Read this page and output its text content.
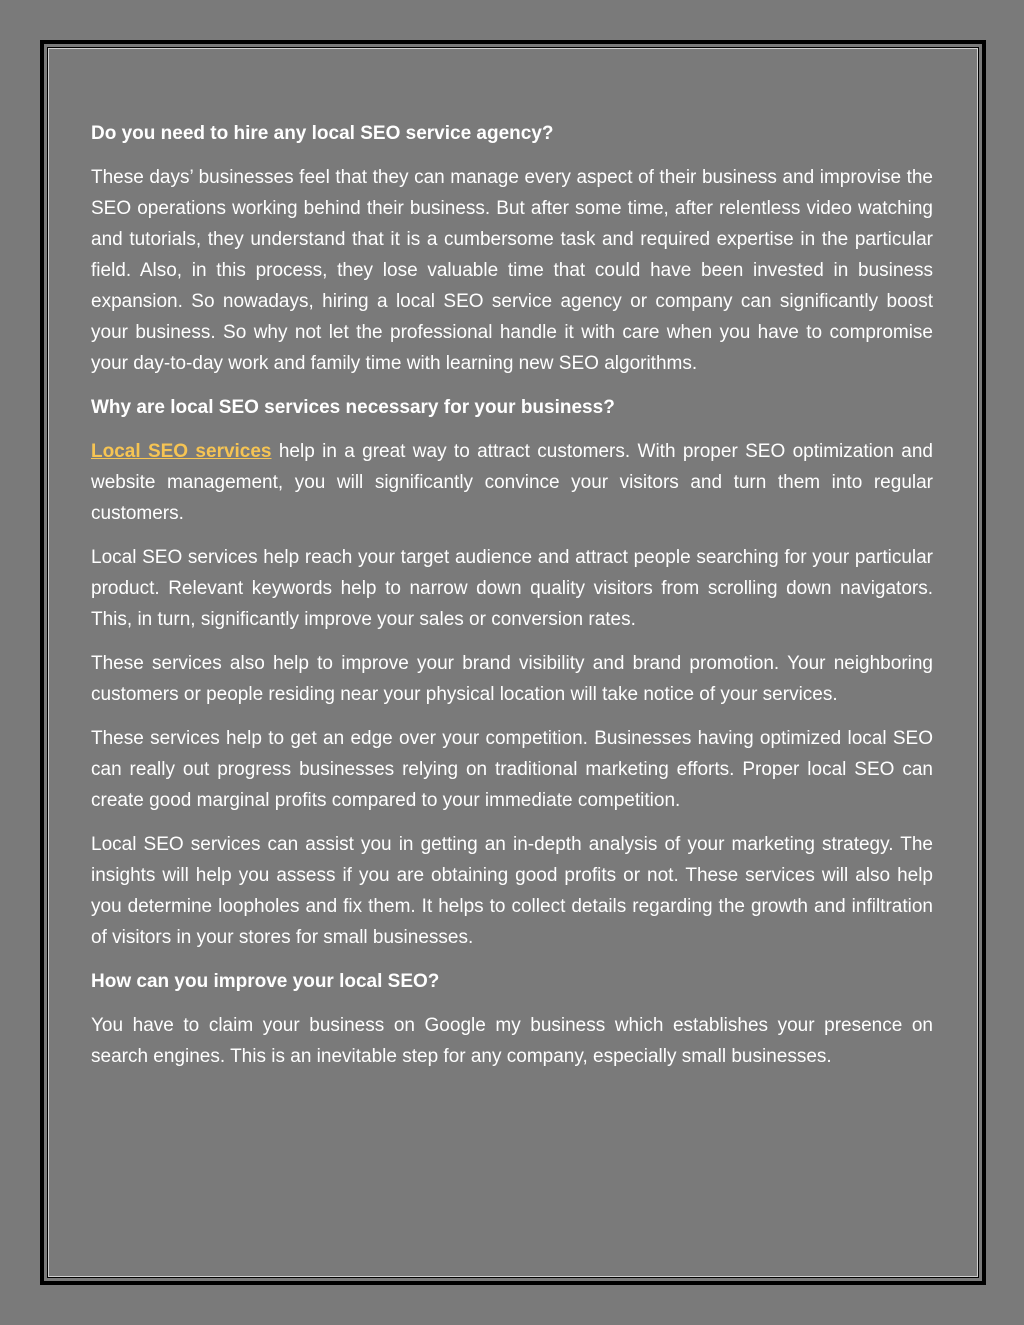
Do you need to hire any local SEO service agency?

These days’ businesses feel that they can manage every aspect of their business and improvise the SEO operations working behind their business. But after some time, after relentless video watching and tutorials, they understand that it is a cumbersome task and required expertise in the particular field. Also, in this process, they lose valuable time that could have been invested in business expansion. So nowadays, hiring a local SEO service agency or company can significantly boost your business. So why not let the professional handle it with care when you have to compromise your day-to-day work and family time with learning new SEO algorithms.

Why are local SEO services necessary for your business?

Local SEO services help in a great way to attract customers. With proper SEO optimization and website management, you will significantly convince your visitors and turn them into regular customers.

Local SEO services help reach your target audience and attract people searching for your particular product. Relevant keywords help to narrow down quality visitors from scrolling down navigators. This, in turn, significantly improve your sales or conversion rates.

These services also help to improve your brand visibility and brand promotion. Your neighboring customers or people residing near your physical location will take notice of your services.

These services help to get an edge over your competition. Businesses having optimized local SEO can really out progress businesses relying on traditional marketing efforts. Proper local SEO can create good marginal profits compared to your immediate competition.

Local SEO services can assist you in getting an in-depth analysis of your marketing strategy. The insights will help you assess if you are obtaining good profits or not. These services will also help you determine loopholes and fix them. It helps to collect details regarding the growth and infiltration of visitors in your stores for small businesses.

How can you improve your local SEO?

You have to claim your business on Google my business which establishes your presence on search engines. This is an inevitable step for any company, especially small businesses.
